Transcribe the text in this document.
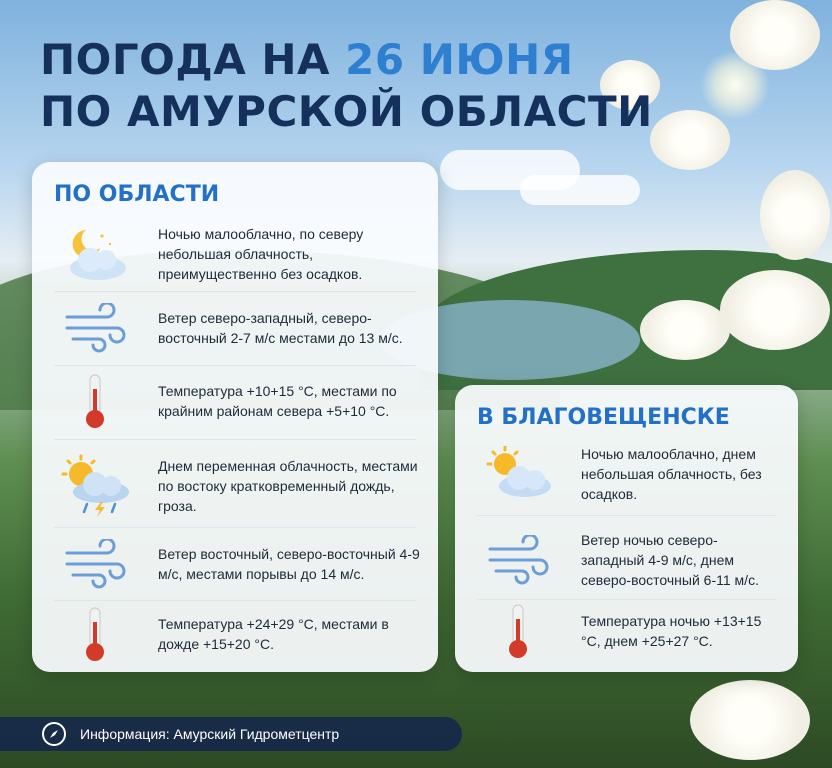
ПОГОДА НА 26 ИЮНЯ
ПО АМУРСКОЙ ОБЛАСТИ
ПО ОБЛАСТИ
Ночью малооблачно, по северу небольшая облачность, преимущественно без осадков.
Ветер северо-западный, северо-восточный 2-7 м/с местами до 13 м/с.
Температура +10+15 °С, местами по крайним районам севера +5+10 °С.
Днем переменная облачность, местами по востоку кратковременный дождь, гроза.
Ветер восточный, северо-восточный 4-9 м/с, местами порывы до 14 м/с.
Температура +24+29 °С, местами в дожде +15+20 °С.
В БЛАГОВЕЩЕНСКЕ
Ночью малооблачно, днем небольшая облачность, без осадков.
Ветер ночью северо-западный 4-9 м/с, днем северо-восточный 6-11 м/с.
Температура ночью +13+15 °С, днем +25+27 °С.
Информация: Амурский Гидрометцентр
